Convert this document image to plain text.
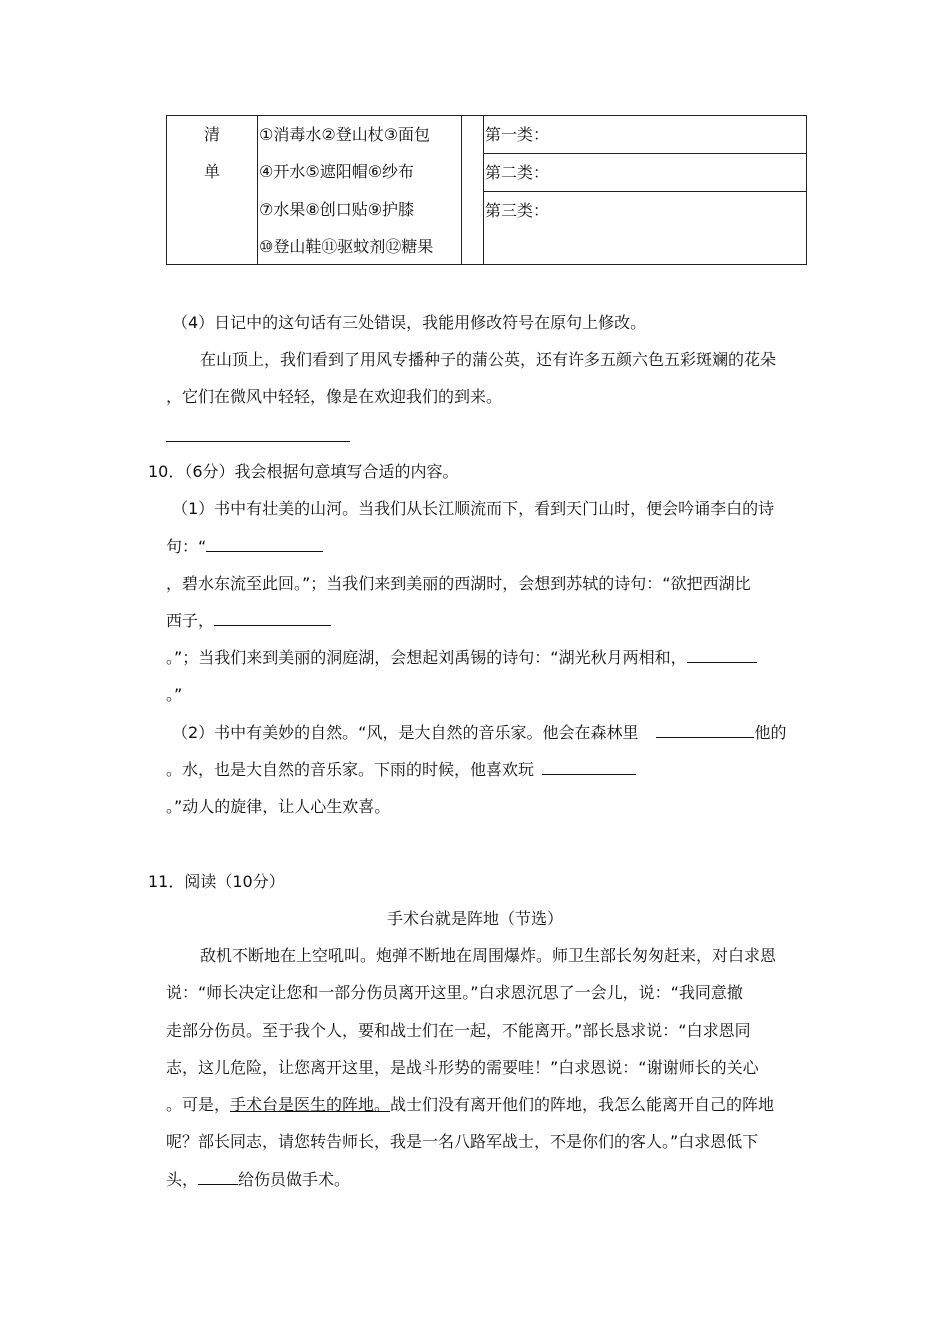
清
单
①消毒水②登山杖③面包
④开水⑤遮阳帽⑥纱布
⑦水果⑧创口贴⑨护膝
⑩登山鞋⑪驱蚊剂⑫糖果
第一类：
第二类：
第三类：
（4）日记中的这句话有三处错误，我能用修改符号在原句上修改。
在山顶上，我们看到了用风专播种子的蒲公英，还有许多五颜六色五彩斑斓的花朵
，它们在微风中轻轻，像是在欢迎我们的到来。
10．（6分）我会根据句意填写合适的内容。
（1）书中有壮美的山河。当我们从长江顺流而下，看到天门山时，便会吟诵李白的诗
句：“
，碧水东流至此回。”；当我们来到美丽的西湖时，会想到苏轼的诗句：“欲把西湖比
西子，
。”；当我们来到美丽的洞庭湖，会想起刘禹锡的诗句：“湖光秋月两相和，
。”
（2）书中有美妙的自然。“风，是大自然的音乐家。他会在森林里	他的
。水，也是大自然的音乐家。下雨的时候，他喜欢玩
。”动人的旋律，让人心生欢喜。
11．阅读（10分）
手术台就是阵地（节选）
敌机不断地在上空吼叫。炮弹不断地在周围爆炸。师卫生部长匆匆赶来，对白求恩
说：“师长决定让您和一部分伤员离开这里。”白求恩沉思了一会儿，说：“我同意撤
走部分伤员。至于我个人，要和战士们在一起，不能离开。”部长恳求说：“白求恩同
志，这儿危险，让您离开这里，是战斗形势的需要哇！”白求恩说：“谢谢师长的关心
。可是，手术台是医生的阵地。战士们没有离开他们的阵地，我怎么能离开自己的阵地
呢？部长同志，请您转告师长，我是一名八路军战士，不是你们的客人。”白求恩低下
头，	给伤员做手术。
